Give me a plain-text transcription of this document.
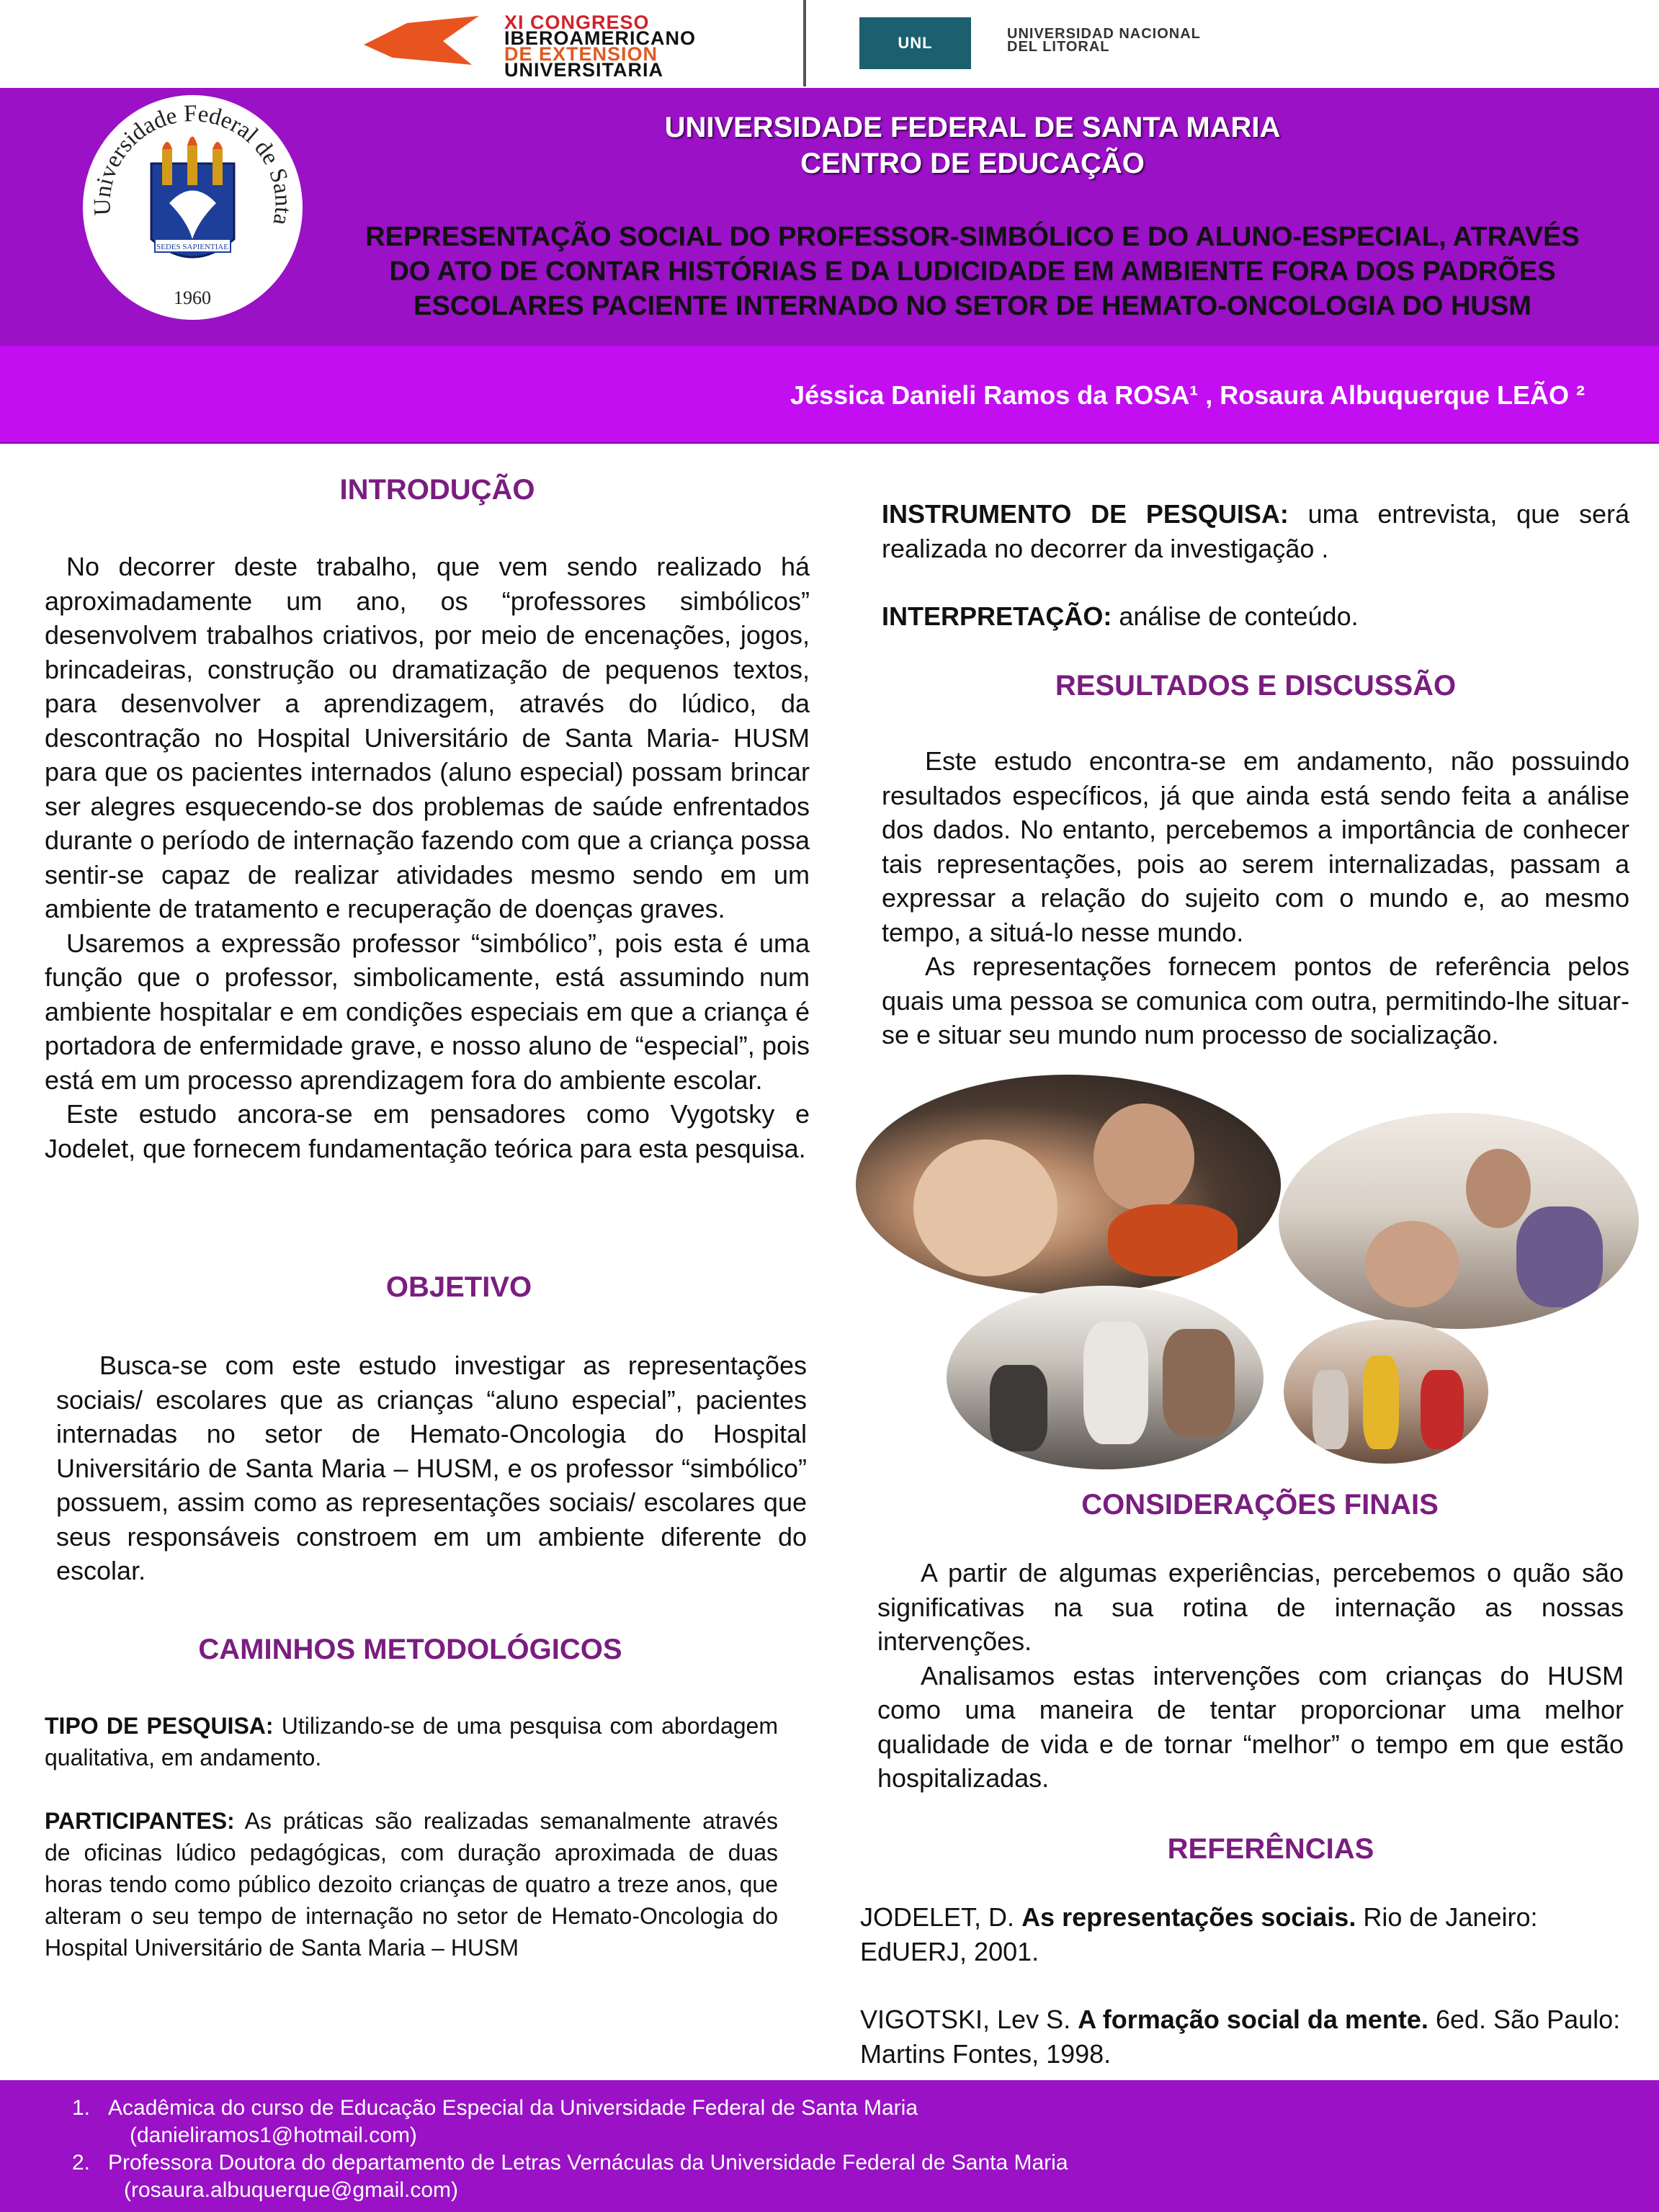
XI CONGRESO
IBEROAMERICANO
DE EXTENSION
UNIVERSITARIA
UNL	UNIVERSIDAD NACIONAL
DEL LITORAL
Universidade Federal de Santa
SEDES SAPIENTIAE
1960
UNIVERSIDADE FEDERAL DE SANTA MARIA
CENTRO DE EDUCAÇÃO
REPRESENTAÇÃO SOCIAL DO PROFESSOR-SIMBÓLICO E DO ALUNO-ESPECIAL, ATRAVÉS
DO ATO DE CONTAR HISTÓRIAS E DA LUDICIDADE EM AMBIENTE FORA DOS PADRÕES
ESCOLARES PACIENTE INTERNADO NO SETOR DE HEMATO-ONCOLOGIA DO HUSM
Jéssica Danieli Ramos da ROSA¹ , Rosaura Albuquerque LEÃO ²
INTRODUÇÃO

No decorrer deste trabalho, que vem sendo realizado há aproximadamente um ano, os “professores simbólicos” desenvolvem trabalhos criativos, por meio de encenações, jogos, brincadeiras, construção ou dramatização de pequenos textos, para desenvolver a aprendizagem, através do lúdico, da descontração no Hospital Universitário de Santa Maria- HUSM para que os pacientes internados (aluno especial) possam brincar ser alegres esquecendo-se dos problemas de saúde enfrentados durante o período de internação fazendo com que a criança possa sentir-se capaz de realizar atividades mesmo sendo em um ambiente de tratamento e recuperação de doenças graves.

Usaremos a expressão professor “simbólico”, pois esta é uma função que o professor, simbolicamente, está assumindo num ambiente hospitalar e em condições especiais em que a criança é portadora de enfermidade grave, e nosso aluno de “especial”, pois está em um processo aprendizagem fora do ambiente escolar.

Este estudo ancora-se em pensadores como Vygotsky e Jodelet, que fornecem fundamentação teórica para esta pesquisa.

OBJETIVO

Busca-se com este estudo investigar as representações sociais/ escolares que as crianças “aluno especial”, pacientes internadas no setor de Hemato-Oncologia do Hospital Universitário de Santa Maria – HUSM, e os professor “simbólico” possuem, assim como as representações sociais/ escolares que seus responsáveis constroem em um ambiente diferente do escolar.

CAMINHOS METODOLÓGICOS

TIPO DE PESQUISA: Utilizando-se de uma pesquisa com abordagem qualitativa, em andamento.

PARTICIPANTES: As práticas são realizadas semanalmente através de oficinas lúdico pedagógicas, com duração aproximada de duas horas tendo como público dezoito crianças de quatro a treze anos, que alteram o seu tempo de internação no setor de Hemato-Oncologia do Hospital Universitário de Santa Maria – HUSM

INSTRUMENTO DE PESQUISA: uma entrevista, que será realizada no decorrer da investigação .

INTERPRETAÇÃO: análise de conteúdo.

RESULTADOS E DISCUSSÃO

Este estudo encontra-se em andamento, não possuindo resultados específicos, já que ainda está sendo feita a análise dos dados. No entanto, percebemos a importância de conhecer tais representações, pois ao serem internalizadas, passam a expressar a relação do sujeito com o mundo e, ao mesmo tempo, a situá-lo nesse mundo.

As representações fornecem pontos de referência pelos quais uma pessoa se comunica com outra, permitindo-lhe situar-se e situar seu mundo num processo de socialização.

CONSIDERAÇÕES FINAIS

A partir de algumas experiências, percebemos o quão são significativas na sua rotina de internação as nossas intervenções.

Analisamos estas intervenções com crianças do HUSM como uma maneira de tentar proporcionar uma melhor qualidade de vida e de tornar “melhor” o tempo em que estão hospitalizadas.

REFERÊNCIAS

JODELET, D. As representações sociais. Rio de Janeiro: EdUERJ, 2001.

VIGOTSKI, Lev S. A formação social da mente. 6ed. São Paulo: Martins Fontes, 1998.

1. Acadêmica do curso de Educação Especial da Universidade Federal de Santa Maria
(danieliramos1@hotmail.com)
2. Professora Doutora do departamento de Letras Vernáculas da Universidade Federal de Santa Maria
(rosaura.albuquerque@gmail.com)
